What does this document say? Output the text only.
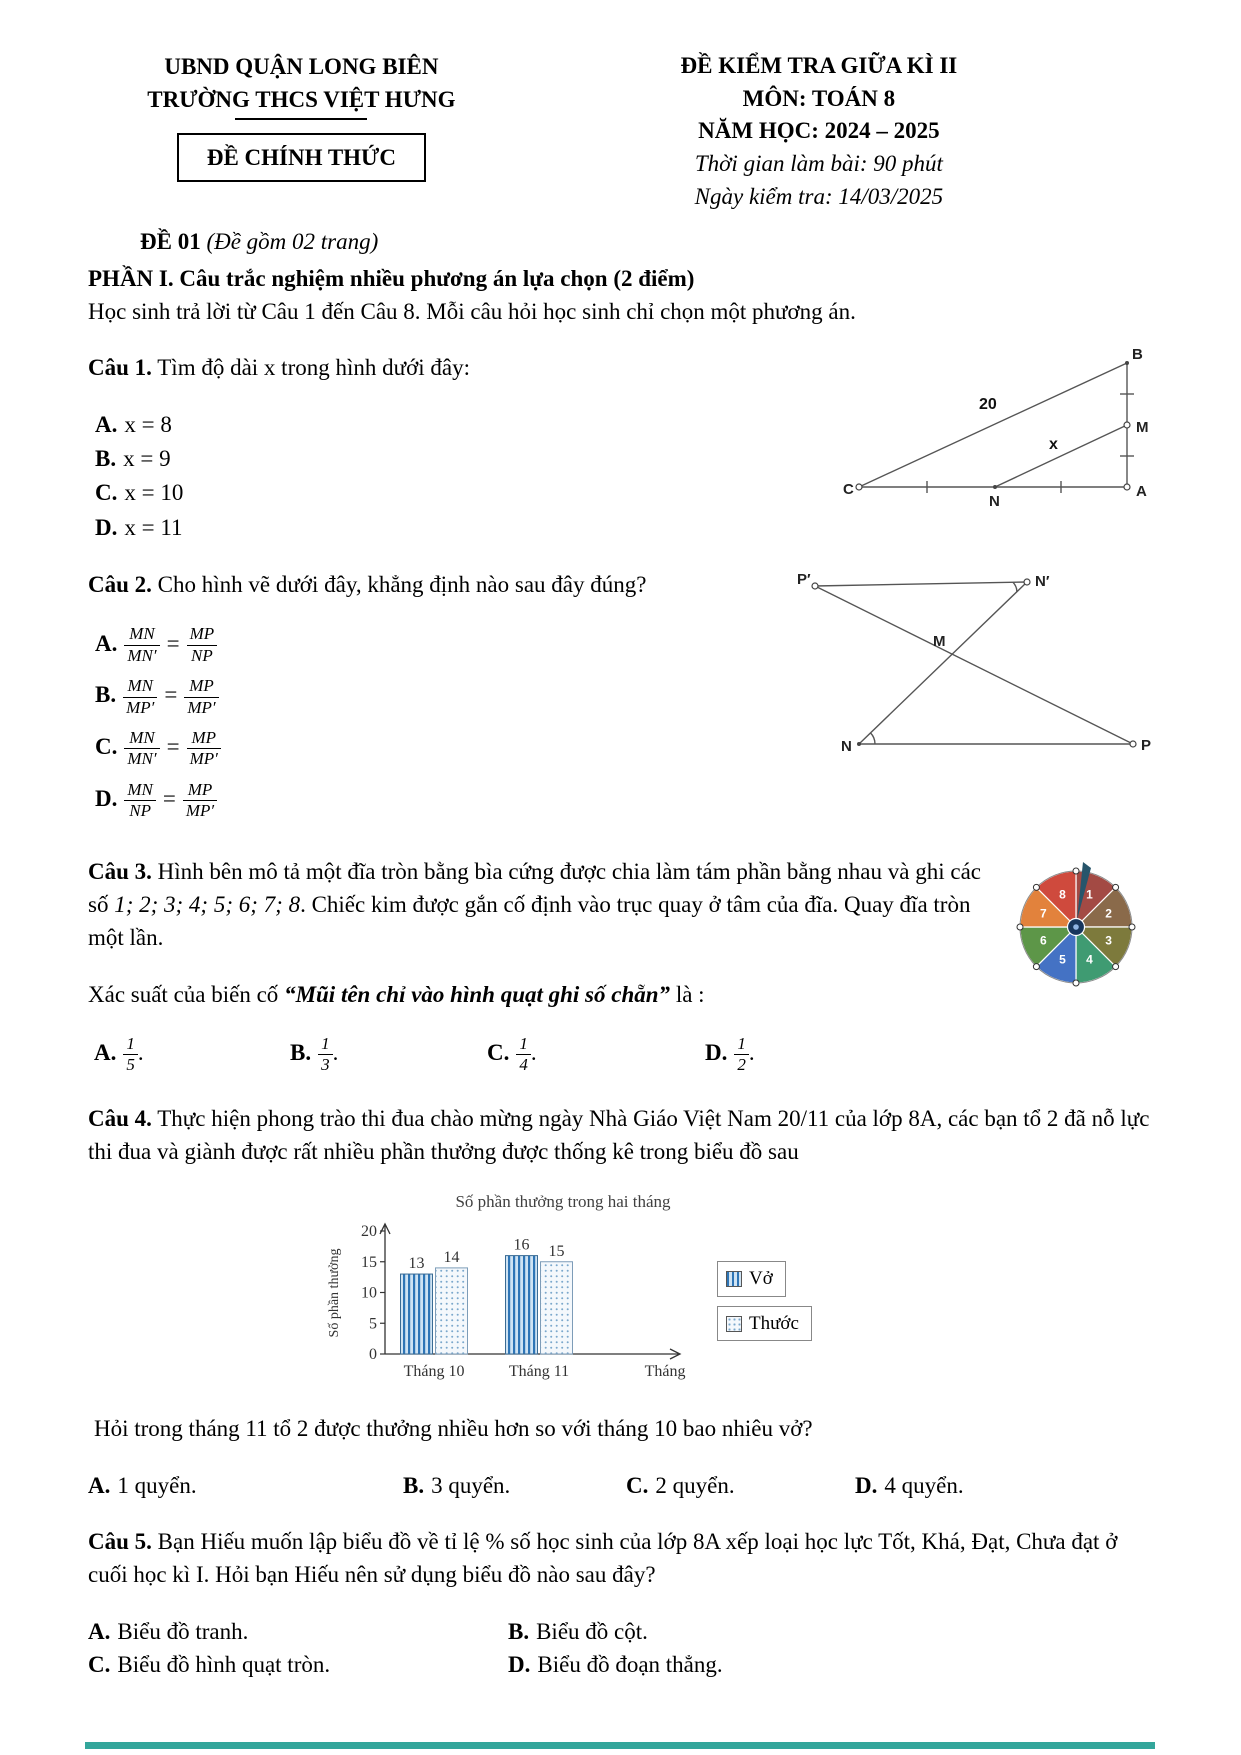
UBND QUẬN LONG BIÊN
TRƯỜNG THCS VIỆT HƯNG
ĐỀ CHÍNH THỨC
ĐỀ KIỂM TRA GIỮA KÌ II
MÔN: TOÁN 8
NĂM HỌC: 2024 – 2025
Thời gian làm bài: 90 phút
Ngày kiểm tra: 14/03/2025
ĐỀ 01 (Đề gồm 02 trang)
PHẦN I. Câu trắc nghiệm nhiều phương án lựa chọn (2 điểm)
Học sinh trả lời từ Câu 1 đến Câu 8. Mỗi câu hỏi học sinh chỉ chọn một phương án.
C	A
B
N
M
20
x

Câu 1. Tìm độ dài x trong hình dưới đây:

A. x = 8
B. x = 9
C. x = 10
D. x = 11
P′	N′
M
N	P

Câu 2. Cho hình vẽ dưới đây, khẳng định nào sau đây đúng?

A. $\frac{MN}{MN'} = \frac{MP}{NP}$
B. $\frac{MN}{MP'} = \frac{MP}{MP'}$
C. $\frac{MN}{MN'} = \frac{MP}{MP'}$
D. $\frac{MN}{NP} = \frac{MP}{MP'}$
1
2
3
4
5
6
7
8

Câu 3. Hình bên mô tả một đĩa tròn bằng bìa cứng được chia làm tám phần bằng nhau và ghi các số 1; 2; 3; 4; 5; 6; 7; 8. Chiếc kim được gắn cố định vào trục quay ở tâm của đĩa. Quay đĩa tròn một lần.

Xác suất của biến cố “Mũi tên chỉ vào hình quạt ghi số chẵn” là :

A. $\frac{1}{5}$ .	B. $\frac{1}{3}$ .	C. $\frac{1}{4}$ .	D. $\frac{1}{2}$ .

Câu 4. Thực hiện phong trào thi đua chào mừng ngày Nhà Giáo Việt Nam 20/11 của lớp 8A, các bạn tổ 2 đã nỗ lực thi đua và giành được rất nhiều phần thưởng được thống kê trong biểu đồ sau

Số phần thưởng trong hai tháng
Số phần thưởng
Tháng
0
5
10
15
20
13 14
Tháng 10
16 15
Tháng 11
Vở
Thước

Hỏi trong tháng 11 tổ 2 được thưởng nhiều hơn so với tháng 10 bao nhiêu vở?

A. 1 quyển.	B. 3 quyển.	C. 2 quyển.	D. 4 quyển.

Câu 5. Bạn Hiếu muốn lập biểu đồ về tỉ lệ % số học sinh của lớp 8A xếp loại học lực Tốt, Khá, Đạt, Chưa đạt ở cuối học kì I. Hỏi bạn Hiếu nên sử dụng biểu đồ nào sau đây?

A. Biểu đồ tranh.	B. Biểu đồ cột.
C. Biểu đồ hình quạt tròn.	D. Biểu đồ đoạn thẳng.
